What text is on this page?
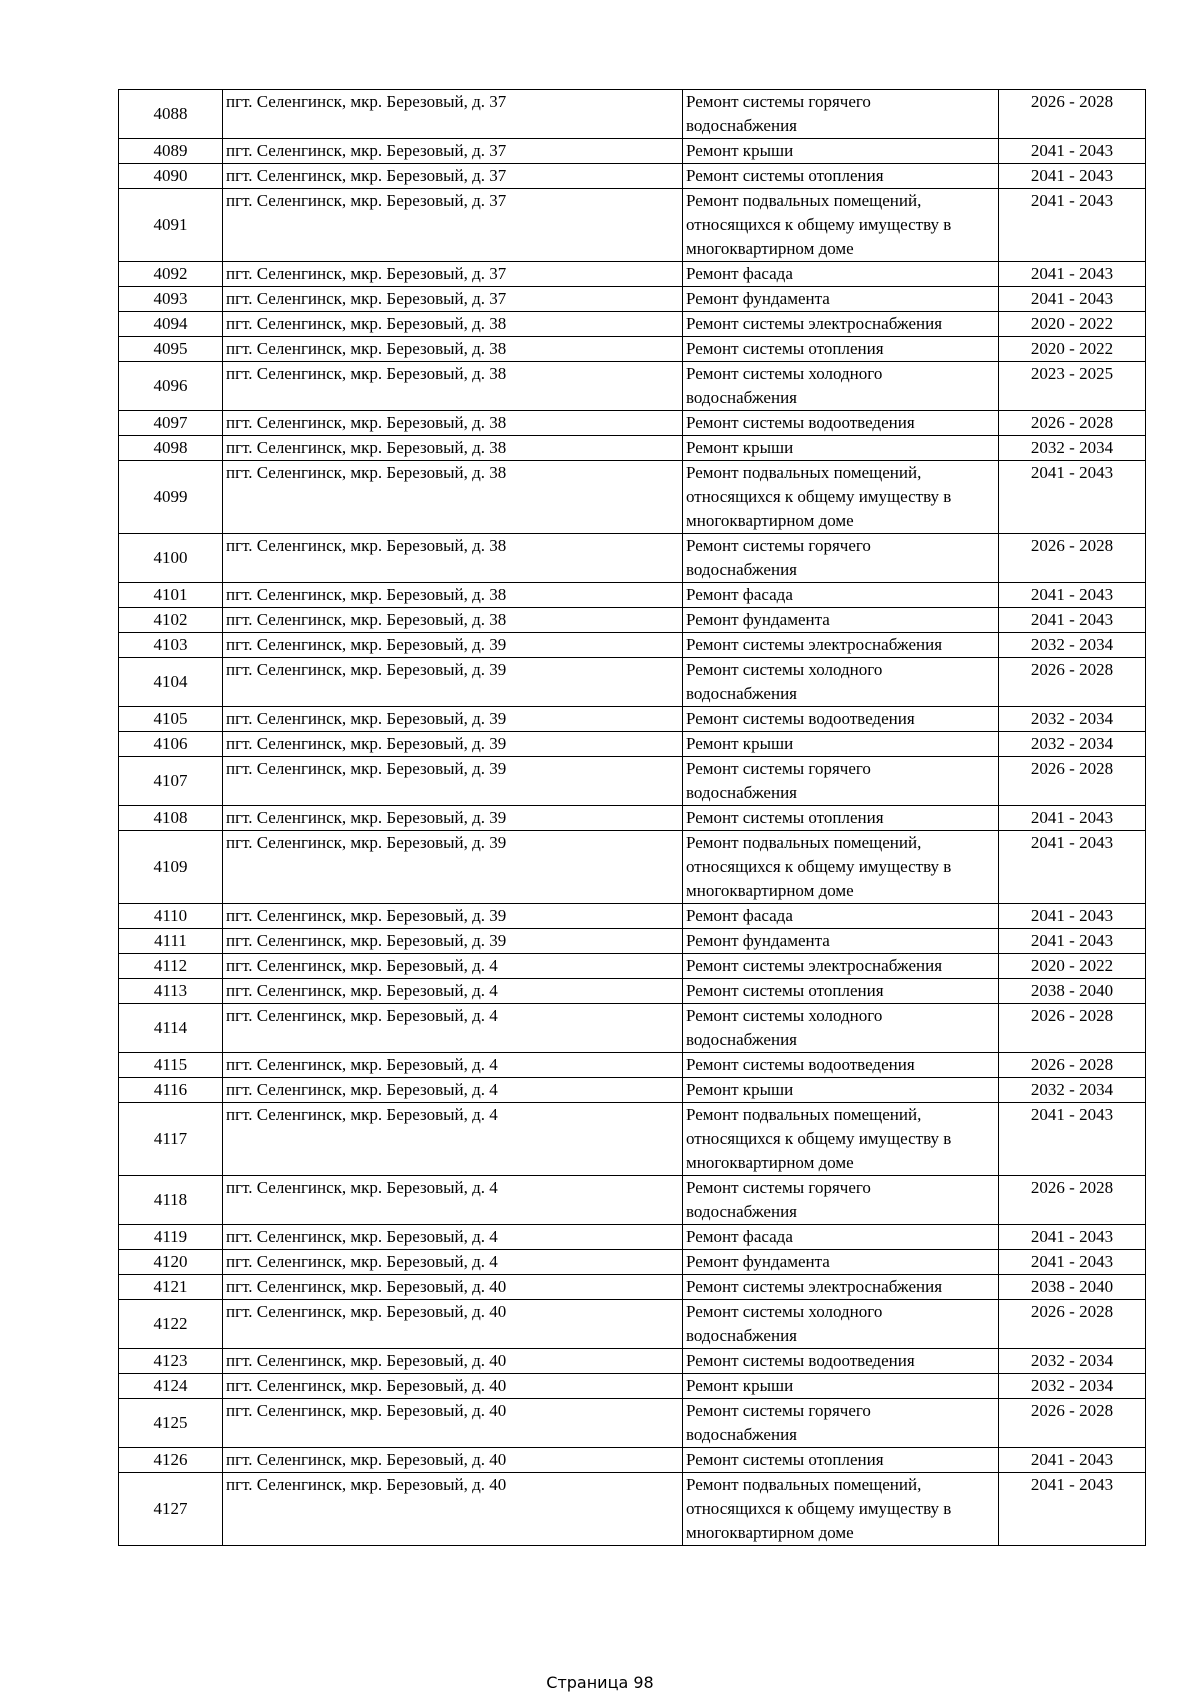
4088	пгт. Селенгинск, мкр. Березовый, д. 37	Ремонт системы горячего водоснабжения	2026 - 2028
4089	пгт. Селенгинск, мкр. Березовый, д. 37	Ремонт крыши	2041 - 2043
4090	пгт. Селенгинск, мкр. Березовый, д. 37	Ремонт системы отопления	2041 - 2043
4091	пгт. Селенгинск, мкр. Березовый, д. 37	Ремонт подвальных помещений, относящихся к общему имуществу в многоквартирном доме	2041 - 2043
4092	пгт. Селенгинск, мкр. Березовый, д. 37	Ремонт фасада	2041 - 2043
4093	пгт. Селенгинск, мкр. Березовый, д. 37	Ремонт фундамента	2041 - 2043
4094	пгт. Селенгинск, мкр. Березовый, д. 38	Ремонт системы электроснабжения	2020 - 2022
4095	пгт. Селенгинск, мкр. Березовый, д. 38	Ремонт системы отопления	2020 - 2022
4096	пгт. Селенгинск, мкр. Березовый, д. 38	Ремонт системы холодного водоснабжения	2023 - 2025
4097	пгт. Селенгинск, мкр. Березовый, д. 38	Ремонт системы водоотведения	2026 - 2028
4098	пгт. Селенгинск, мкр. Березовый, д. 38	Ремонт крыши	2032 - 2034
4099	пгт. Селенгинск, мкр. Березовый, д. 38	Ремонт подвальных помещений, относящихся к общему имуществу в многоквартирном доме	2041 - 2043
4100	пгт. Селенгинск, мкр. Березовый, д. 38	Ремонт системы горячего водоснабжения	2026 - 2028
4101	пгт. Селенгинск, мкр. Березовый, д. 38	Ремонт фасада	2041 - 2043
4102	пгт. Селенгинск, мкр. Березовый, д. 38	Ремонт фундамента	2041 - 2043
4103	пгт. Селенгинск, мкр. Березовый, д. 39	Ремонт системы электроснабжения	2032 - 2034
4104	пгт. Селенгинск, мкр. Березовый, д. 39	Ремонт системы холодного водоснабжения	2026 - 2028
4105	пгт. Селенгинск, мкр. Березовый, д. 39	Ремонт системы водоотведения	2032 - 2034
4106	пгт. Селенгинск, мкр. Березовый, д. 39	Ремонт крыши	2032 - 2034
4107	пгт. Селенгинск, мкр. Березовый, д. 39	Ремонт системы горячего водоснабжения	2026 - 2028
4108	пгт. Селенгинск, мкр. Березовый, д. 39	Ремонт системы отопления	2041 - 2043
4109	пгт. Селенгинск, мкр. Березовый, д. 39	Ремонт подвальных помещений, относящихся к общему имуществу в многоквартирном доме	2041 - 2043
4110	пгт. Селенгинск, мкр. Березовый, д. 39	Ремонт фасада	2041 - 2043
4111	пгт. Селенгинск, мкр. Березовый, д. 39	Ремонт фундамента	2041 - 2043
4112	пгт. Селенгинск, мкр. Березовый, д. 4	Ремонт системы электроснабжения	2020 - 2022
4113	пгт. Селенгинск, мкр. Березовый, д. 4	Ремонт системы отопления	2038 - 2040
4114	пгт. Селенгинск, мкр. Березовый, д. 4	Ремонт системы холодного водоснабжения	2026 - 2028
4115	пгт. Селенгинск, мкр. Березовый, д. 4	Ремонт системы водоотведения	2026 - 2028
4116	пгт. Селенгинск, мкр. Березовый, д. 4	Ремонт крыши	2032 - 2034
4117	пгт. Селенгинск, мкр. Березовый, д. 4	Ремонт подвальных помещений, относящихся к общему имуществу в многоквартирном доме	2041 - 2043
4118	пгт. Селенгинск, мкр. Березовый, д. 4	Ремонт системы горячего водоснабжения	2026 - 2028
4119	пгт. Селенгинск, мкр. Березовый, д. 4	Ремонт фасада	2041 - 2043
4120	пгт. Селенгинск, мкр. Березовый, д. 4	Ремонт фундамента	2041 - 2043
4121	пгт. Селенгинск, мкр. Березовый, д. 40	Ремонт системы электроснабжения	2038 - 2040
4122	пгт. Селенгинск, мкр. Березовый, д. 40	Ремонт системы холодного водоснабжения	2026 - 2028
4123	пгт. Селенгинск, мкр. Березовый, д. 40	Ремонт системы водоотведения	2032 - 2034
4124	пгт. Селенгинск, мкр. Березовый, д. 40	Ремонт крыши	2032 - 2034
4125	пгт. Селенгинск, мкр. Березовый, д. 40	Ремонт системы горячего водоснабжения	2026 - 2028
4126	пгт. Селенгинск, мкр. Березовый, д. 40	Ремонт системы отопления	2041 - 2043
4127	пгт. Селенгинск, мкр. Березовый, д. 40	Ремонт подвальных помещений, относящихся к общему имуществу в многоквартирном доме	2041 - 2043
Страница 98
